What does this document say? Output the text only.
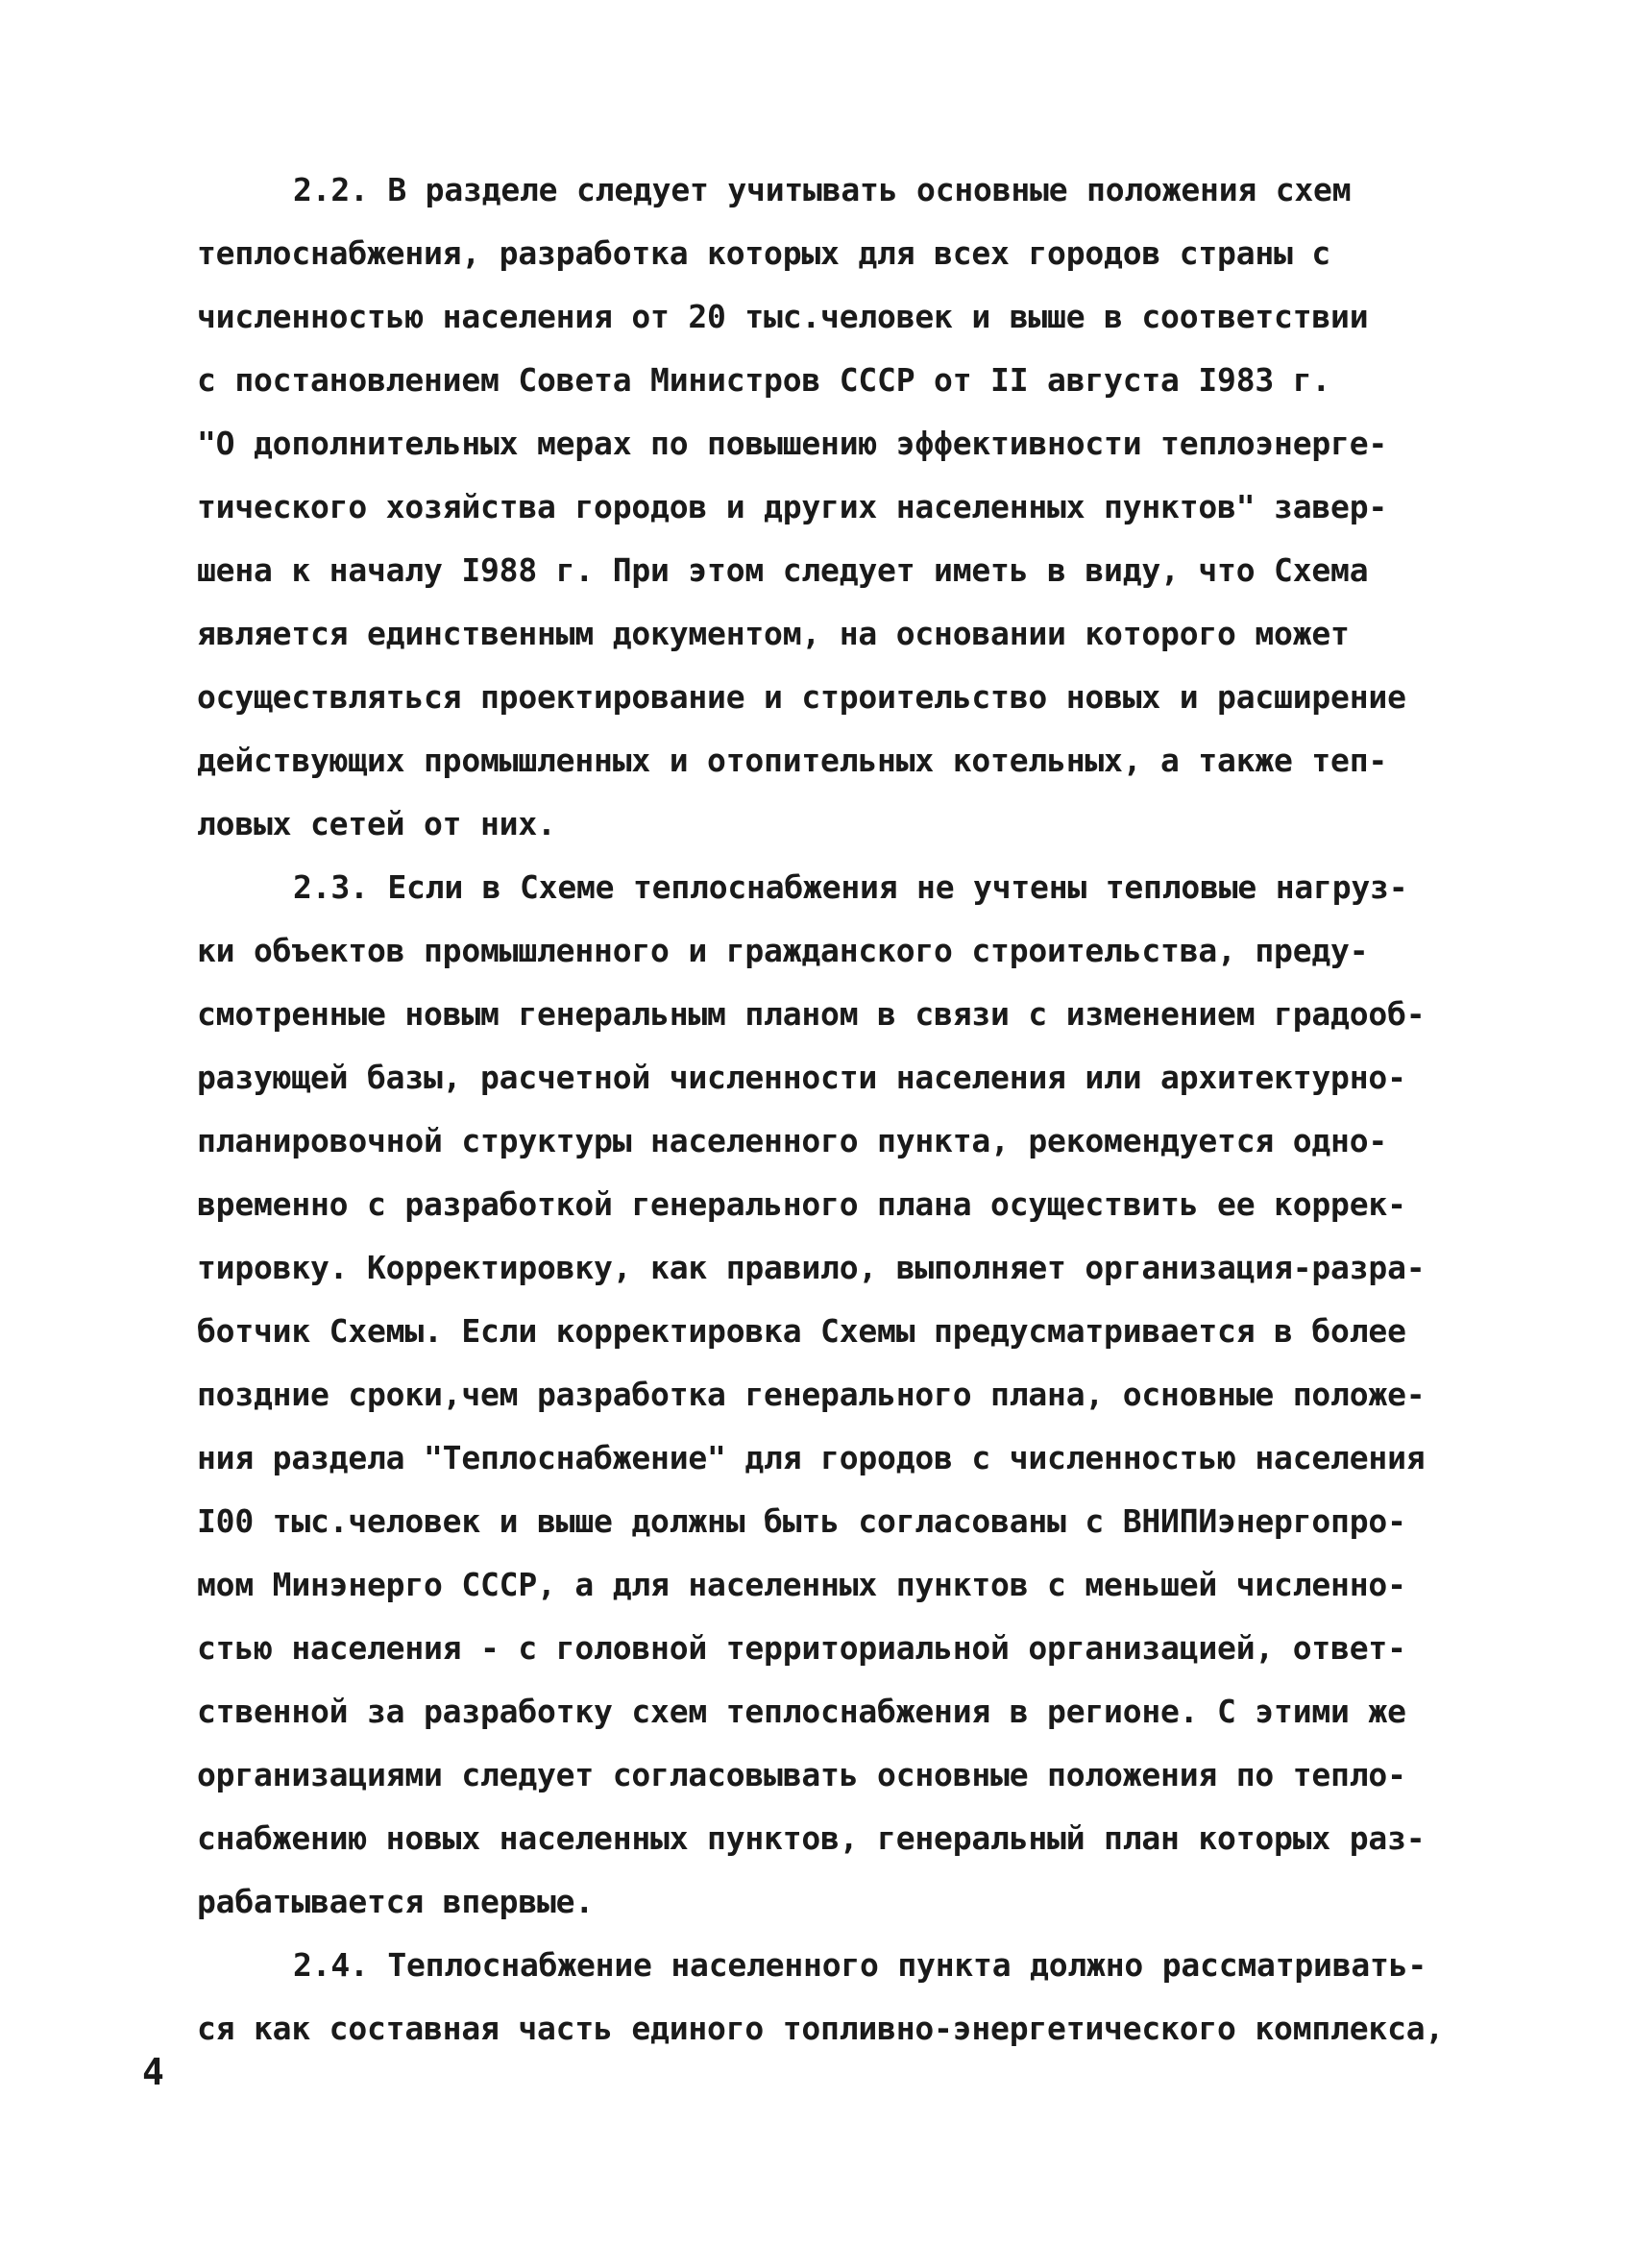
2.2. В разделе следует учитывать основные положения схем
теплоснабжения, разработка которых для всех городов страны с
численностью населения от 20 тыс.человек и выше в соответствии
с постановлением Совета Министров СССР от II августа I983 г.
"О дополнительных мерах по повышению эффективности теплоэнерге-
тического хозяйства городов и других населенных пунктов" завер-
шена к началу I988 г. При этом следует иметь в виду, что Схема
является единственным документом, на основании которого может
осуществляться проектирование и строительство новых и расширение
действующих промышленных и отопительных котельных, а также теп-
ловых сетей от них.
2.3. Если в Схеме теплоснабжения не учтены тепловые нагруз-
ки объектов промышленного и гражданского строительства, преду-
смотренные новым генеральным планом в связи с изменением градооб-
разующей базы, расчетной численности населения или архитектурно-
планировочной структуры населенного пункта, рекомендуется одно-
временно с разработкой генерального плана осуществить ее коррек-
тировку. Корректировку, как правило, выполняет организация-разра-
ботчик Схемы. Если корректировка Схемы предусматривается в более
поздние сроки,чем разработка генерального плана, основные положе-
ния раздела "Теплоснабжение" для городов с численностью населения
I00 тыс.человек и выше должны быть согласованы с ВНИПИэнергопро-
мом Минэнерго СССР, а для населенных пунктов с меньшей численно-
стью населения - с головной территориальной организацией, ответ-
ственной за разработку схем теплоснабжения в регионе. С этими же
организациями следует согласовывать основные положения по тепло-
снабжению новых населенных пунктов, генеральный план которых раз-
рабатывается впервые.
2.4. Теплоснабжение населенного пункта должно рассматривать-
ся как составная часть единого топливно-энергетического комплекса,
4
